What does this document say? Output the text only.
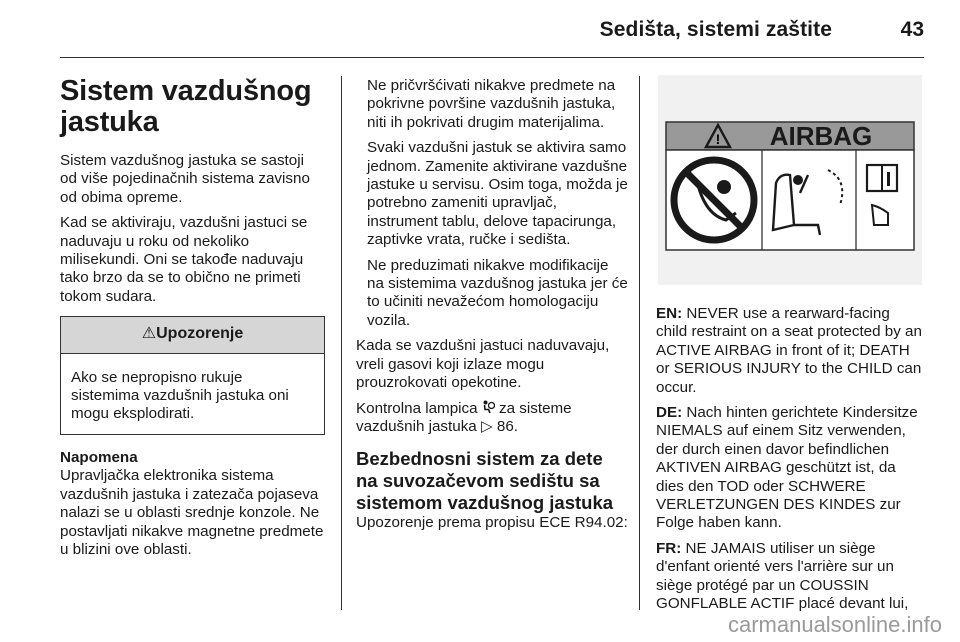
Sedišta, sistemi zaštite	43
Sistem vazdušnog jastuka

Sistem vazdušnog jastuka se sastoji od više pojedinačnih sistema zavisno od obima opreme.

Kad se aktiviraju, vazdušni jastuci se naduvaju u roku od nekoliko milisekundi. Oni se takođe naduvaju tako brzo da se to obično ne primeti tokom sudara.

⚠Upozorenje
Ako se nepropisno rukuje sistemima vazdušnih jastuka oni mogu eksplodirati.
Napomena
Upravljačka elektronika sistema vazdušnih jastuka i zatezača pojaseva nalazi se u oblasti srednje konzole. Ne postavljati nikakve magnetne predmete u blizini ove oblasti.

Ne pričvršćivati nikakve predmete na pokrivne površine vazdušnih jastuka, niti ih pokrivati drugim materijalima.

Svaki vazdušni jastuk se aktivira samo jednom. Zamenite aktivirane vazdušne jastuke u servisu. Osim toga, možda je potrebno zameniti upravljač, instrument tablu, delove tapacirunga, zaptivke vrata, ručke i sedišta.

Ne preduzimati nikakve modifikacije na sistemima vazdušnog jastuka jer će to učiniti nevažećom homologaciju vozila.

Kada se vazdušni jastuci naduvavaju, vreli gasovi koji izlaze mogu prouzrokovati opekotine.

Kontrolna lampica za sisteme vazdušnih jastuka ▷ 86.

Bezbednosni sistem za dete na suvozačevom sedištu sa sistemom vazdušnog jastuka
Upozorenje prema propisu ECE R94.02:
! AIRBAG

EN: NEVER use a rearward-facing child restraint on a seat protected by an ACTIVE AIRBAG in front of it; DEATH or SERIOUS INJURY to the CHILD can occur.

DE: Nach hinten gerichtete Kindersitze NIEMALS auf einem Sitz verwenden, der durch einen davor befindlichen AKTIVEN AIRBAG geschützt ist, da dies den TOD oder SCHWERE VERLETZUNGEN DES KINDES zur Folge haben kann.

FR: NE JAMAIS utiliser un siège d'enfant orienté vers l'arrière sur un siège protégé par un COUSSIN GONFLABLE ACTIF placé devant lui,

carmanualsonline.info
